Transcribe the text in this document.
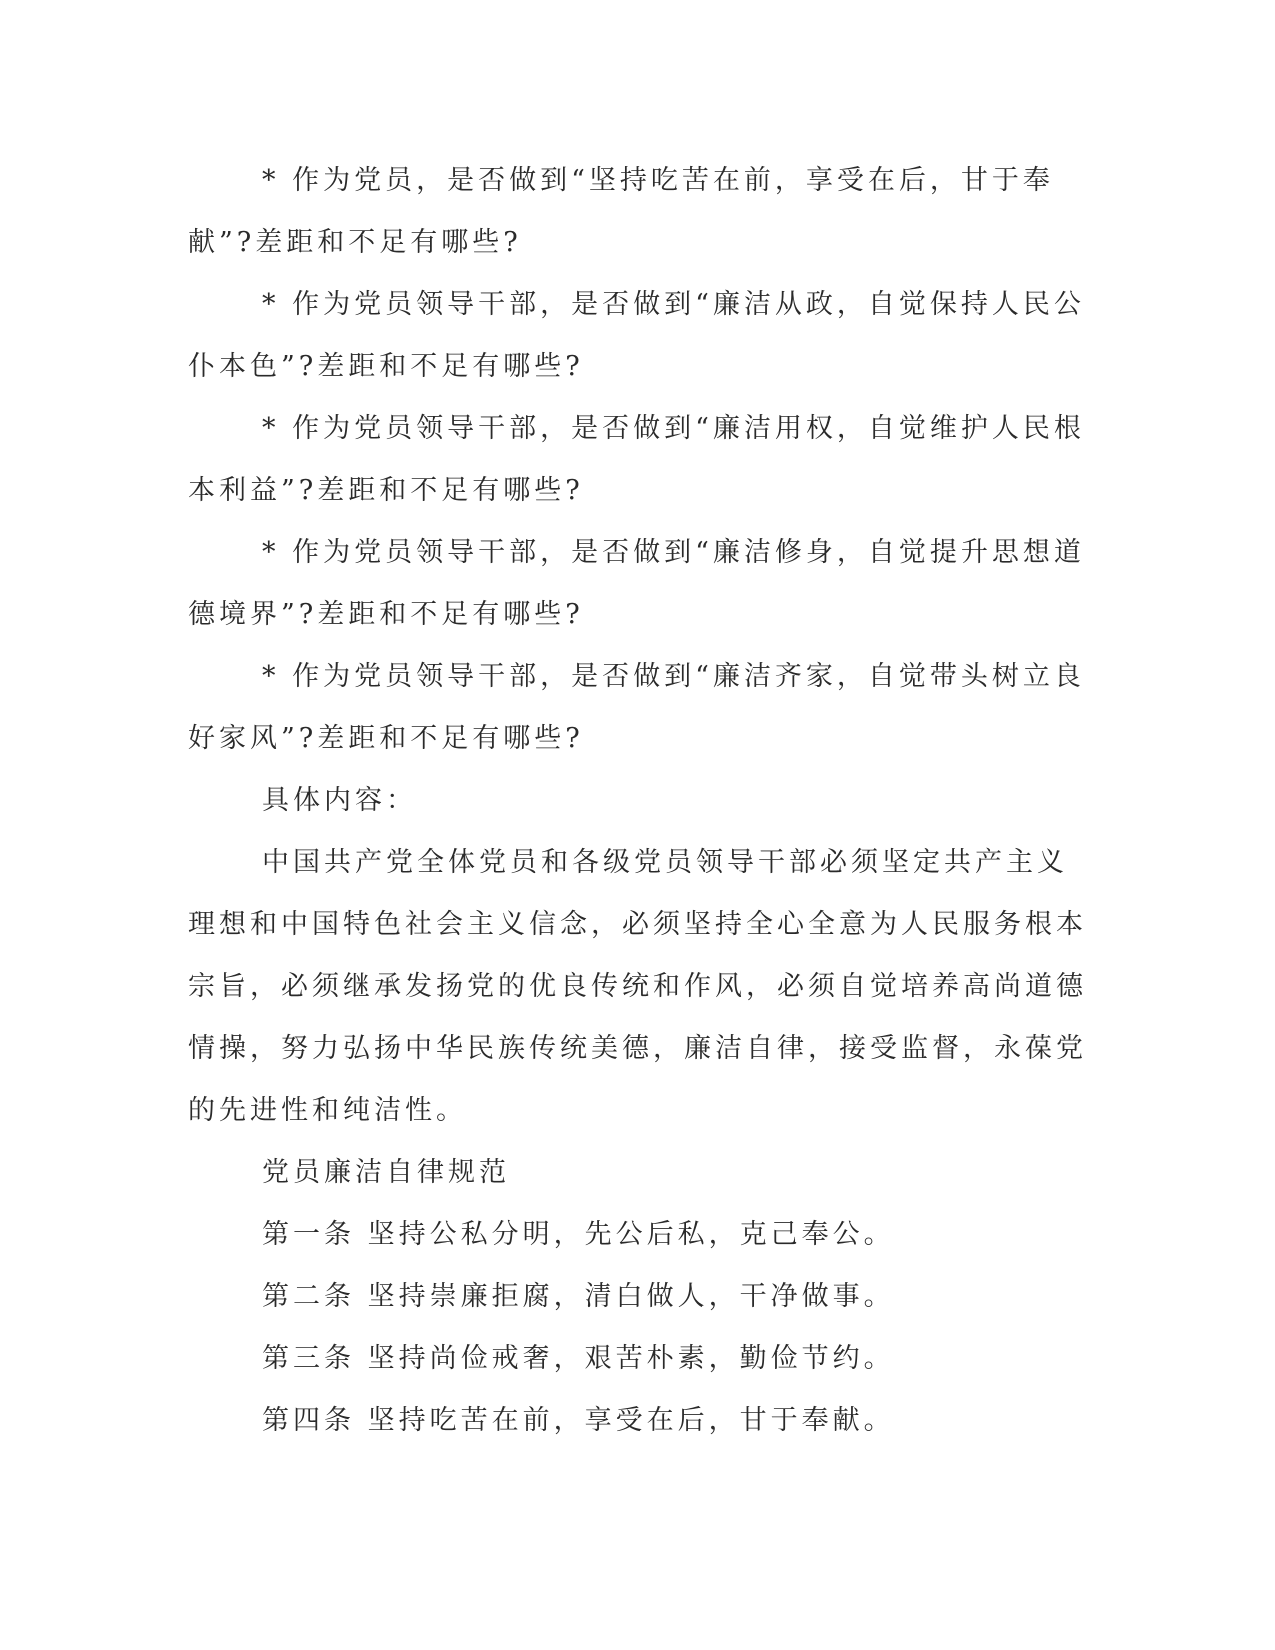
* 作为党员，是否做到“坚持吃苦在前，享受在后，甘于奉献”?差距和不足有哪些?

* 作为党员领导干部，是否做到“廉洁从政，自觉保持人民公仆本色”?差距和不足有哪些?

* 作为党员领导干部，是否做到“廉洁用权，自觉维护人民根本利益”?差距和不足有哪些?

* 作为党员领导干部，是否做到“廉洁修身，自觉提升思想道德境界”?差距和不足有哪些?

* 作为党员领导干部，是否做到“廉洁齐家，自觉带头树立良好家风”?差距和不足有哪些?

具体内容：

中国共产党全体党员和各级党员领导干部必须坚定共产主义理想和中国特色社会主义信念，必须坚持全心全意为人民服务根本宗旨，必须继承发扬党的优良传统和作风，必须自觉培养高尚道德情操，努力弘扬中华民族传统美德，廉洁自律，接受监督，永葆党的先进性和纯洁性。

党员廉洁自律规范

第一条 坚持公私分明，先公后私，克己奉公。

第二条 坚持崇廉拒腐，清白做人，干净做事。

第三条 坚持尚俭戒奢，艰苦朴素，勤俭节约。

第四条 坚持吃苦在前，享受在后，甘于奉献。
